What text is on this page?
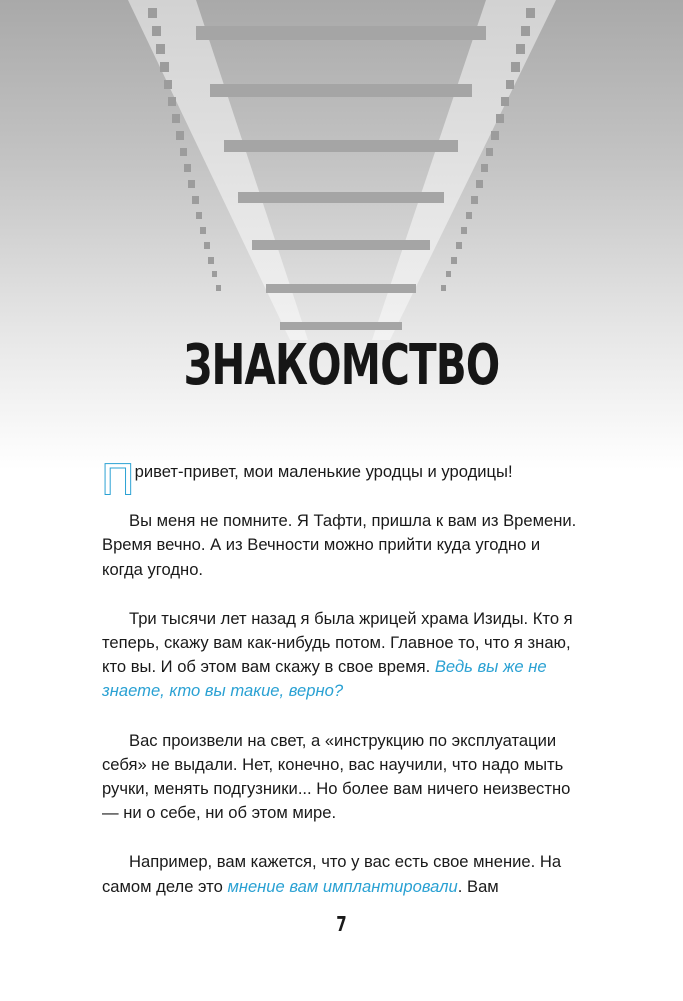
ЗНАКОМСТВО

Привет-привет, мои маленькие уродцы и уродицы!

Вы меня не помните. Я Тафти, пришла к вам из Времени. Время вечно. А из Вечности можно прийти куда угодно и когда угодно.

Три тысячи лет назад я была жрицей храма Изиды. Кто я теперь, скажу вам как-нибудь потом. Главное то, что я знаю, кто вы. И об этом вам скажу в свое время. Ведь вы же не знаете, кто вы такие, верно?

Вас произвели на свет, а «инструкцию по эксплуатации себя» не выдали. Нет, конечно, вас научили, что надо мыть ручки, менять подгузники... Но более вам ничего неизвестно — ни о себе, ни об этом мире.

Например, вам кажется, что у вас есть свое мнение. На самом деле это мнение вам имплантировали. Вам

7
